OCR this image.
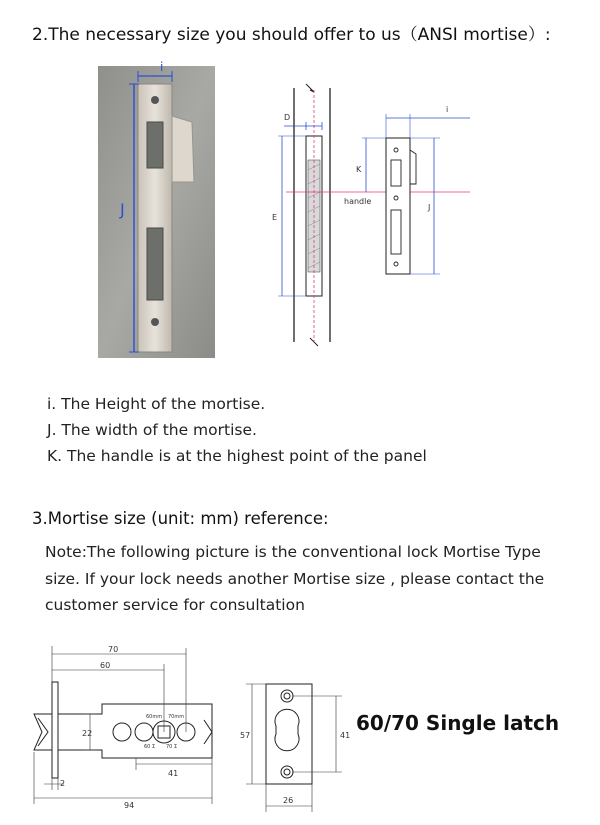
2.The necessary size you should offer to us（ANSI mortise）:
i
J
D
E
K
handle
i
J
i. The Height of the mortise.
J. The width of the mortise.
K. The handle is at the highest point of the panel
3.Mortise size (unit: mm) reference:
Note:The following picture is the conventional lock Mortise Type size. If your lock needs another Mortise size , please contact the customer service for consultation
70
60
22
41
2
94
60mm 70mm
60 Σ 70 Σ
57	41
26
60/70 Single latch
